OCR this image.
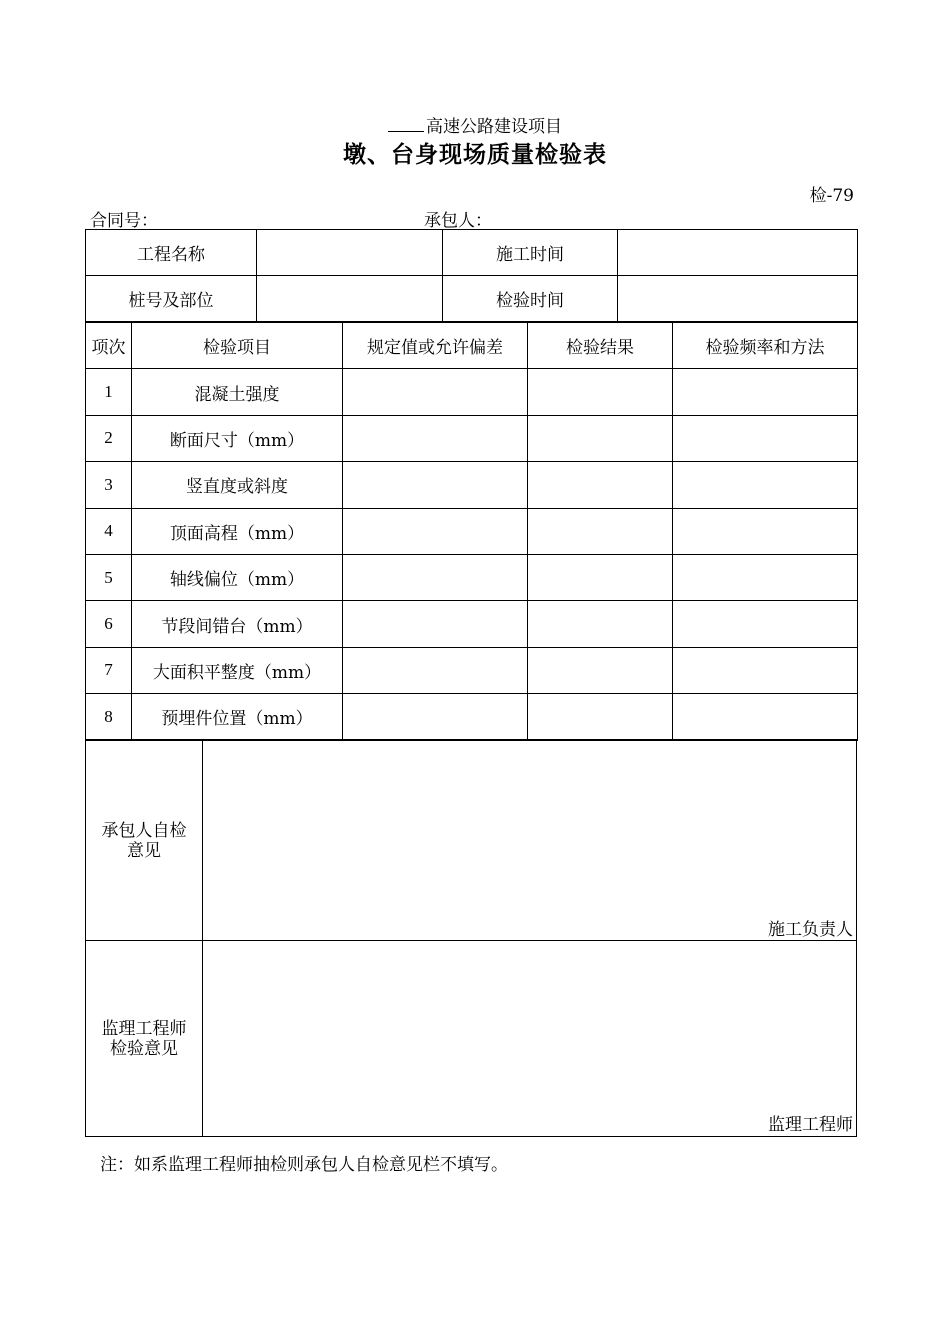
高速公路建设项目
墩、台身现场质量检验表
检-79
合同号：	承包人：
工程名称		施工时间	
桩号及部位		检验时间	
项次	检验项目	规定值或允许偏差	检验结果	检验频率和方法
1	混凝土强度			
2	断面尺寸（mm）			
3	竖直度或斜度			
4	顶面高程（mm）			
5	轴线偏位（mm）			
6	节段间错台（mm）			
7	大面积平整度（mm）			
8	预埋件位置（mm）			
承包人自检意见
施工负责人
监理工程师检验意见
监理工程师
注：如系监理工程师抽检则承包人自检意见栏不填写。
